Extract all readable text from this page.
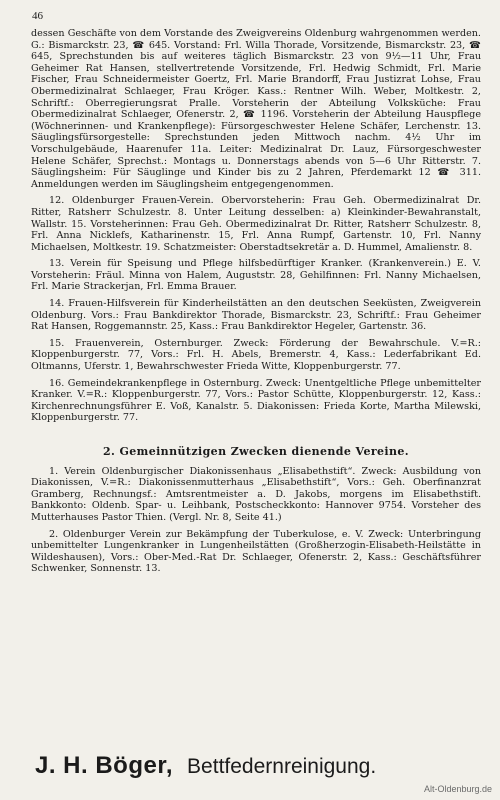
46

dessen Geschäfte von dem Vorstande des Zweigvereins Oldenburg wahrgenommen werden. G.: Bismarckstr. 23, ☎ 645. Vorstand: Frl. Willa Thorade, Vorsitzende, Bismarckstr. 23, ☎ 645, Sprechstunden bis auf weiteres täglich Bismarckstr. 23 von 9½—11 Uhr, Frau Geheimer Rat Hansen, stellvertretende Vorsitzende, Frl. Hedwig Schmidt, Frl. Marie Fischer, Frau Schneidermeister Goertz, Frl. Marie Brandorff, Frau Justizrat Lohse, Frau Obermedizinalrat Schlaeger, Frau Kröger. Kass.: Rentner Wilh. Weber, Moltkestr. 2, Schriftf.: Oberregierungsrat Pralle. Vorsteherin der Abteilung Volksküche: Frau Obermedizinalrat Schlaeger, Ofenerstr. 2, ☎ 1196. Vorsteherin der Abteilung Hauspflege (Wöchnerinnen- und Krankenpflege): Fürsorgeschwester Helene Schäfer, Lerchenstr. 13. Säuglingsfürsorgestelle: Sprechstunden jeden Mittwoch nachm. 4½ Uhr im Vorschulgebäude, Haarenufer 11a. Leiter: Medizinalrat Dr. Lauz, Fürsorgeschwester Helene Schäfer, Sprechst.: Montags u. Donnerstags abends von 5—6 Uhr Ritterstr. 7. Säuglingsheim: Für Säuglinge und Kinder bis zu 2 Jahren, Pferdemarkt 12 ☎ 311. Anmeldungen werden im Säuglingsheim entgegengenommen.

12. Oldenburger Frauen-Verein. Obervorsteherin: Frau Geh. Obermedizinalrat Dr. Ritter, Ratsherr Schulzestr. 8. Unter Leitung desselben: a) Kleinkinder-Bewahranstalt, Wallstr. 15. Vorsteherinnen: Frau Geh. Obermedizinalrat Dr. Ritter, Ratsherr Schulzestr. 8, Frl. Anna Nicklefs, Katharinenstr. 15, Frl. Anna Rumpf, Gartenstr. 10, Frl. Nanny Michaelsen, Moltkestr. 19. Schatzmeister: Oberstadtsekretär a. D. Hummel, Amalienstr. 8.

13. Verein für Speisung und Pflege hilfsbedürftiger Kranker. (Krankenverein.) E. V. Vorsteherin: Fräul. Minna von Halem, Auguststr. 28, Gehilfinnen: Frl. Nanny Michaelsen, Frl. Marie Strackerjan, Frl. Emma Brauer.

14. Frauen-Hilfsverein für Kinderheilstätten an den deutschen Seeküsten, Zweigverein Oldenburg. Vors.: Frau Bankdirektor Thorade, Bismarckstr. 23, Schriftf.: Frau Geheimer Rat Hansen, Roggemannstr. 25, Kass.: Frau Bankdirektor Hegeler, Gartenstr. 36.

15. Frauenverein, Osternburger. Zweck: Förderung der Bewahrschule. V.=R.: Kloppenburgerstr. 77, Vors.: Frl. H. Abels, Bremerstr. 4, Kass.: Lederfabrikant Ed. Oltmanns, Uferstr. 1, Bewahrschwester Frieda Witte, Kloppenburgerstr. 77.

16. Gemeindekrankenpflege in Osternburg. Zweck: Unentgeltliche Pflege unbemittelter Kranker. V.=R.: Kloppenburgerstr. 77, Vors.: Pastor Schütte, Kloppenburgerstr. 12, Kass.: Kirchenrechnungsführer E. Voß, Kanalstr. 5. Diakonissen: Frieda Korte, Martha Milewski, Kloppenburgerstr. 77.

2. Gemeinnützigen Zwecken dienende Vereine.

1. Verein Oldenburgischer Diakonissenhaus „Elisabethstift“. Zweck: Ausbildung von Diakonissen, V.=R.: Diakonissenmutterhaus „Elisabethstift“, Vors.: Geh. Oberfinanzrat Gramberg, Rechnungsf.: Amtsrentmeister a. D. Jakobs, morgens im Elisabethstift. Bankkonto: Oldenb. Spar- u. Leihbank, Postscheckkonto: Hannover 9754. Vorsteher des Mutterhauses Pastor Thien. (Vergl. Nr. 8, Seite 41.)

2. Oldenburger Verein zur Bekämpfung der Tuberkulose, e. V. Zweck: Unterbringung unbemittelter Lungenkranker in Lungenheilstätten (Großherzogin-Elisabeth-Heilstätte in Wildeshausen), Vors.: Ober-Med.-Rat Dr. Schlaeger, Ofenerstr. 2, Kass.: Geschäftsführer Schwenker, Sonnenstr. 13.

J. H. Böger, Bettfedernreinigung.
Alt-Oldenburg.de
